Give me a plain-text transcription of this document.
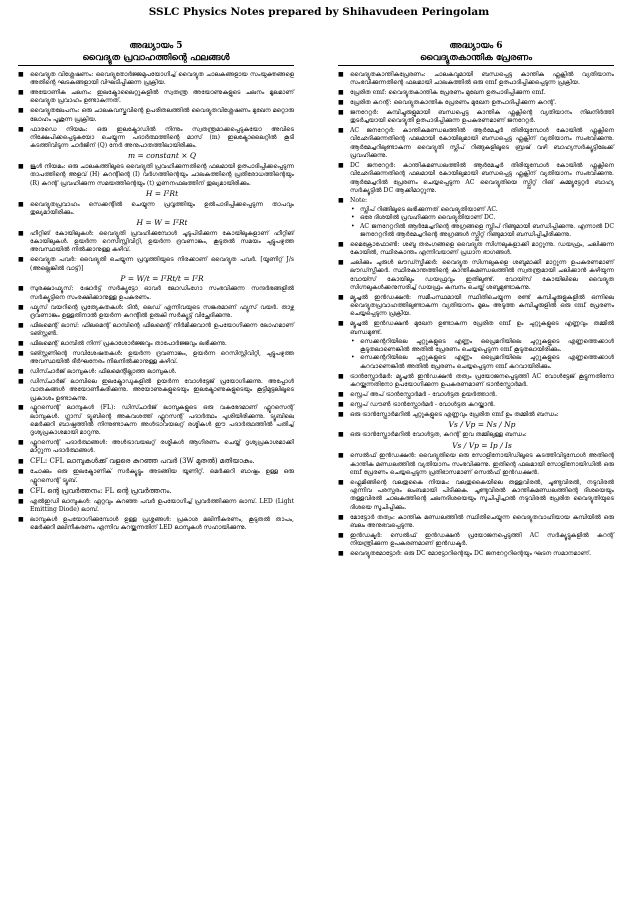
SSLC Physics Notes prepared by Shihavudeen Peringolam
അദ്ധ്യായം 5
വൈദ്യുത പ്രവാഹത്തിന്റെ ഫലങ്ങൾ
■ വൈദ്യുത വിശ്ലേഷണം: വൈദ്യുതോർജ്ജമുപയോഗിച്ച് വൈദ്യുത ചാലകങ്ങളായ സംയുക്തങ്ങളെ അതിന്റെ ഘടകങ്ങളായി വിഘടിപ്പിക്കുന്ന പ്രക്രിയ.
■ അയോണിക ചലനം: ഇലക്ട്രോലൈറ്റുകളിൽ സ്വതന്ത്ര അയോണുകളുടെ ചലനം മൂലമാണ് വൈദ്യുത പ്രവാഹം ഉണ്ടാകുന്നത്.
■ വൈദ്യുതലേപനം: ഒരു ചാലകവസ്തുവിന്റെ ഉപരിതലത്തിൽ വൈദ്യുതവിശ്ലേഷണം മുഖേന മറ്റൊരു ലോഹം പൂശുന്ന പ്രക്രിയ.
■ ഫാരഡെ നിയമം: ഒരു ഇലക്ട്രോഡിൽ നിന്നും സ്വതന്ത്രമാക്കപ്പെടുകയോ അവിടെ നിക്ഷേപിക്കപ്പെടുകയോ ചെയ്യുന്ന പദാർത്ഥത്തിന്റെ മാസ് (m) ഇലക്ട്രോലൈറ്റിൽ കൂടി കടത്തിവിടുന്ന ചാർജിന് (Q) നേർ അനുപാതത്തിലായിരിക്കും.
m = constant × Q
■ ജൂൾ നിയമം: ഒരു ചാലകത്തിലൂടെ വൈദ്യുതി പ്രവഹിക്കുന്നതിന്റെ ഫലമായി ഉത്പാദിപ്പിക്കപ്പെടുന്ന താപത്തിന്റെ അളവ് (H) കറന്റിന്റെ (I) വർഗത്തിന്റെയും ചാലകത്തിന്റെ പ്രതിരോധത്തിന്റെയും (R) കറന്റ് പ്രവഹിക്കുന്ന സമയത്തിന്റെയും (t) ഗുണനഫലത്തിന് തുല്യമായിരിക്കും.
H = I²Rt
■ വൈദ്യുതപ്രവാഹം സെക്കന്റിൽ ചെയ്യുന്ന പ്രവൃത്തിയും ഉൽപാദിപ്പിക്കപ്പെടുന്ന താപവും തുല്യമായിരിക്കും.
H = W = I²Rt
■ ഹീറ്റിങ് കോയിലുകൾ: വൈദ്യുതി പ്രവഹിക്കുമ്പോൾ ചൂടുപിടിക്കുന്ന കോയിലുകളാണ് ഹീറ്റിങ് കോയിലുകൾ. ഉയർന്ന റെസിസ്റ്റിവിറ്റി, ഉയർന്ന ദ്രവണാങ്കം, കൂടുതൽ സമയം ചുട്ടുപഴുത്ത അവസ്ഥയിൽ നിൽക്കാനുള്ള കഴിവ്.
■ വൈദ്യുത പവർ: വൈദ്യുതി ചെയ്യുന്ന പ്രവൃത്തിയുടെ നിരക്കാണ് വൈദ്യുത പവർ. [യൂണിറ്റ് J/s (അല്ലെങ്കിൽ വാട്ട്)]
P = W/t = I²Rt/t = I²R
■ സുരക്ഷാഫ്യൂസ്: ഷോർട്ട് സർക്യൂട്ടോ ഓവർ ലോഡിംഗോ സംഭവിക്കുന്ന സന്ദർഭങ്ങളിൽ സർക്യൂട്ടിനെ സംരക്ഷിക്കാനുള്ള ഉപകരണം.
■ ഫ്യൂസ് വയറിന്റെ പ്രത്യേകതകൾ: ടിൻ, ലെഡ് എന്നിവയുടെ സങ്കരമാണ് ഫ്യൂസ് വയർ. താഴ്ന്ന ദ്രവണാങ്കം ഉള്ളതിനാൽ ഉയർന്ന കറന്റിൽ ഉരുകി സർക്യൂട്ട് വിച്ഛേദിക്കുന്നു.
■ ഫിലമെന്റ് ലാമ്പ്: ഫിലമെന്റ് ലാമ്പിന്റെ ഫിലമെന്റ് നിർമിക്കുവാൻ ഉപയോഗിക്കുന്ന ലോഹമാണ് ടങ്സ്റ്റൺ.
■ ഫിലമെന്റ് ലാമ്പിൽ നിന്ന് പ്രകാശോർജ്ജവും താപോർജ്ജവും ലഭിക്കുന്നു.
■ ടങ്സ്റ്റണിന്റെ സവിശേഷതകൾ: ഉയർന്ന ദ്രവണാങ്കം, ഉയർന്ന റെസിസ്റ്റിവിറ്റി, ചുട്ടുപഴുത്ത അവസ്ഥയിൽ ദീർഘനേരം നിലനിൽക്കാനുള്ള കഴിവ്.
■ ഡിസ്ചാർജ് ലാമ്പുകൾ: ഫിലമെന്റില്ലാത്ത ലാമ്പുകൾ.
■ ഡിസ്ചാർജ് ലാമ്പിലെ ഇലക്ട്രോഡുകളിൽ ഉയർന്ന വോൾട്ടേജ് പ്രയോഗിക്കുന്നു. അപ്പോൾ വാതകങ്ങൾ അയോണീകരിക്കുന്നു. അയോണുകളുടെയും ഇലക്ട്രോണുകളുടെയും കൂട്ടിമുട്ടലിലൂടെ പ്രകാശം ഉണ്ടാകുന്നു.
■ ഫ്ലൂറസെന്റ് ലാമ്പുകൾ (FL): ഡിസ്ചാർജ് ലാമ്പുകളുടെ ഒരു വകഭേദമാണ് ഫ്ലൂറസെന്റ് ലാമ്പുകൾ. ഗ്ലാസ് ട്യൂബിന്റെ അകവശത്ത് ഫ്ലൂറസന്റ് പദാർത്ഥം പൂശിയിരിക്കുന്നു. ട്യൂബിലെ മെർക്കുറി ബാഷ്പത്തിൽ നിന്നുണ്ടാകുന്ന അൾട്രാവയലറ്റ് രശ്മികൾ ഈ പദാർത്ഥത്തിൽ പതിച്ച് ദൃശ്യപ്രകാശമായി മാറുന്നു.
■ ഫ്ലൂറസെന്റ് പദാർത്ഥങ്ങൾ: അൾട്രാവയലറ്റ് രശ്മികൾ ആഗിരണം ചെയ്ത് ദൃശ്യപ്രകാശമാക്കി മാറ്റുന്ന പദാർത്ഥങ്ങൾ.
■ CFL: CFL ലാമ്പുകൾക്ക് വളരെ കുറഞ്ഞ പവർ (3W മുതൽ) മതിയാകും.
■ ചോക്കും ഒരു ഇലക്ട്രോണിക് സർക്യൂട്ടും അടങ്ങിയ യൂണിറ്റ്. മെർക്കുറി ബാഷ്പം ഉള്ള ഒരു ഫ്ലൂറസെന്റ് ട്യൂബ്.
■ CFL ന്റെ പ്രവർത്തനം: FL ന്റെ പ്രവർത്തനം.
■ എൽഇഡി ലാമ്പുകൾ: ഏറ്റവും കുറഞ്ഞ പവർ ഉപയോഗിച്ച് പ്രവർത്തിക്കുന്ന ലാമ്പ്. LED (Light Emitting Diode) ലാമ്പ്.
■ ലാമ്പുകൾ ഉപയോഗിക്കുമ്പോൾ ഉള്ള പ്രശ്നങ്ങൾ: പ്രകാശ മലിനീകരണം, കൂടുതൽ താപം, മെർക്കുറി മലിനീകരണം എന്നിവ കുറയ്ക്കുന്നതിന് LED ലാമ്പുകൾ സഹായിക്കുന്നു.
അദ്ധ്യായം 6
വൈദ്യുതകാന്തിക പ്രേരണം
■ വൈദ്യുതകാന്തികപ്രേരണം: ചാലകവുമായി ബന്ധപ്പെട്ട കാന്തിക ഫ്ലക്സിൽ വ്യതിയാനം സംഭവിക്കുന്നതിന്റെ ഫലമായി ചാലകത്തിൽ ഒരു emf ഉത്പാദിപ്പിക്കപ്പെടുന്ന പ്രക്രിയ.
■ പ്രേരിത emf: വൈദ്യുതകാന്തിക പ്രേരണം മുഖേന ഉത്പാദിപ്പിക്കുന്ന emf.
■ പ്രേരിത കറന്റ്: വൈദ്യുതകാന്തിക പ്രേരണം മുഖേന ഉത്പാദിപ്പിക്കുന്ന കറന്റ്.
■ ജനറേറ്റർ: കമ്പിച്ചുരുളുമായി ബന്ധപ്പെട്ട കാന്തിക ഫ്ലക്സിന്റെ വ്യതിയാനം നിലനിർത്തി തുടർച്ചയായി വൈദ്യുതി ഉത്പാദിപ്പിക്കുന്ന ഉപകരണമാണ് ജനറേറ്റർ.
■ AC ജനറേറ്റർ: കാന്തികമണ്ഡലത്തിൽ ആർമേച്ചർ തിരിയുമ്പോൾ കോയിൽ ഫ്ലക്സിനെ വിഛേദിക്കുന്നതിന്റെ ഫലമായി കോയിലുമായി ബന്ധപ്പെട്ട ഫ്ലക്സിന് വ്യതിയാനം സംഭവിക്കുന്നു. ആർമേച്ചറിലുണ്ടാകുന്ന വൈദ്യുതി സ്ലിപ് റിങ്ങുകളിലൂടെ ബ്രഷ് വഴി ബാഹ്യസർക്യൂട്ടിലേക്ക് പ്രവഹിക്കുന്നു.
■ DC ജനറേറ്റർ: കാന്തികമണ്ഡലത്തിൽ ആർമേച്ചർ തിരിയുമ്പോൾ കോയിൽ ഫ്ലക്സിനെ വിഛേദിക്കുന്നതിന്റെ ഫലമായി കോയിലുമായി ബന്ധപ്പെട്ട ഫ്ലക്സിന് വ്യതിയാനം സംഭവിക്കുന്നു. ആർമേച്ചറിൽ പ്രേരണം ചെയ്യപ്പെടുന്ന AC വൈദ്യുതിയെ സ്പ്ലിറ്റ് റിങ് കമ്മ്യൂട്ടേറ്റർ ബാഹ്യ സർക്യൂട്ടിൽ DC ആക്കിമാറ്റുന്നു.
■ Note:
• സ്ലിപ് റിങ്ങിലൂടെ ലഭിക്കുന്നത് വൈദ്യുതിയാണ് AC.
• ഒരേ ദിശയിൽ പ്രവഹിക്കുന്ന വൈദ്യുതിയാണ് DC.
• AC ജനറേറ്ററിൽ ആർമേച്ചറിന്റെ അഗ്രങ്ങളെ സ്ലിപ് റിങ്ങുമായി ബന്ധിപ്പിക്കുന്നു. എന്നാൽ DC ജനറേറ്ററിൽ ആർമേച്ചറിന്റെ അഗ്രങ്ങൾ സ്പ്ലിറ്റ് റിങ്ങുമായി ബന്ധിപ്പിച്ചിരിക്കുന്നു.
■ മൈക്രോഫോൺ: ശബ്ദ തരംഗങ്ങളെ വൈദ്യുത സിഗ്നലുകളാക്കി മാറ്റുന്നു. ഡയഫ്രം, ചലിക്കുന്ന കോയിൽ, സ്ഥിരകാന്തം എന്നിവയാണ് പ്രധാന ഭാഗങ്ങൾ.
■ ചലിക്കും ചുരുൾ ലൗഡ്സ്പീക്കർ: വൈദ്യുത സിഗ്നലുകളെ ശബ്ദമാക്കി മാറ്റുന്ന ഉപകരണമാണ് ലൗഡ്സ്പീക്കർ. സ്ഥിരകാന്തത്തിന്റെ കാന്തികമണ്ഡലത്തിൽ സ്വതന്ത്രമായി ചലിക്കാൻ കഴിയുന്ന വോയ്സ് കോയിലും ഡയഫ്രവും ഇതിലുണ്ട്. വോയ്സ് കോയിലിലെ വൈദ്യുത സിഗ്നലുകൾക്കനുസരിച്ച് ഡയഫ്രം കമ്പനം ചെയ്ത് ശബ്ദമുണ്ടാകുന്നു.
■ മ്യൂച്ചൽ ഇൻഡക്ഷൻ: സമീപസ്ഥമായി സ്ഥിതിചെയ്യുന്ന രണ്ട് കമ്പിച്ചുരുളുകളിൽ ഒന്നിലെ വൈദ്യുതപ്രവാഹത്തിലുണ്ടാകുന്ന വ്യതിയാനം മൂലം അടുത്ത കമ്പിച്ചുരുളിൽ ഒരു emf പ്രേരണം ചെയ്യപ്പെടുന്ന പ്രക്രിയ.
■ മ്യൂച്ചൽ ഇൻഡക്ഷൻ മുഖേന ഉണ്ടാകുന്ന പ്രേരിത emf ഉം ചുറ്റുകളുടെ എണ്ണവും തമ്മിൽ ബന്ധമുണ്ട്.
• സെക്കന്ററിയിലെ ചുറ്റുകളുടെ എണ്ണം പ്രൈമറിയിലെ ചുറ്റുകളുടെ എണ്ണത്തെക്കാൾ കൂടുതലാണെങ്കിൽ അതിൽ പ്രേരണം ചെയ്യപ്പെടുന്ന emf കൂടുതലായിരിക്കും.
• സെക്കന്ററിയിലെ ചുറ്റുകളുടെ എണ്ണം പ്രൈമറിയിലെ ചുറ്റുകളുടെ എണ്ണത്തെക്കാൾ കുറവാണെങ്കിൽ അതിൽ പ്രേരണം ചെയ്യപ്പെടുന്ന emf കുറവായിരിക്കും.
■ ട്രാൻസ്ഫോർമർ: മ്യൂച്ചൽ ഇൻഡക്ഷൻ തത്വം പ്രയോജനപ്പെടുത്തി AC വോൾട്ടേജ് കൂട്ടുന്നതിനോ കുറയ്ക്കുന്നതിനോ ഉപയോഗിക്കുന്ന ഉപകരണമാണ് ട്രാൻസ്ഫോർമർ.
■ സ്റ്റെപ് അപ് ട്രാൻസ്ഫോർമർ - വോൾട്ടത ഉയർത്താൻ.
■ സ്റ്റെപ് ഡൗൺ ട്രാൻസ്ഫോർമർ - വോൾട്ടത കുറയ്ക്കാൻ.
■ ഒരു ട്രാൻസ്ഫോർമറിൽ ചുറ്റുകളുടെ എണ്ണവും പ്രേരിത emf ഉം തമ്മിൽ ബന്ധം:
Vs / Vp = Ns / Np
■ ഒരു ട്രാൻസ്ഫോർമറിൽ വോൾട്ടത, കറന്റ് ഇവ തമ്മിലുള്ള ബന്ധം:
Vs / Vp = Ip / Is
■ സെൽഫ് ഇൻഡക്ഷൻ: വൈദ്യുതിയെ ഒരു സോളിനോയിഡിലൂടെ കടത്തിവിടുമ്പോൾ അതിന്റെ കാന്തിക മണ്ഡലത്തിൽ വ്യതിയാനം സംഭവിക്കുന്നു. ഇതിന്റെ ഫലമായി സോളിനോയിഡിൽ ഒരു emf പ്രേരണം ചെയ്യപ്പെടുന്ന പ്രതിഭാസമാണ് സെൽഫ് ഇൻഡക്ഷൻ.
■ ഫ്ലെമിങ്ങിന്റെ വലതുകൈ നിയമം: വലതുകൈയിലെ തള്ളവിരൽ, ചൂണ്ടുവിരൽ, നടുവിരൽ എന്നിവ പരസ്പരം ലംബമായി പിടിക്കുക. ചൂണ്ടുവിരൽ കാന്തികമണ്ഡലത്തിന്റെ ദിശയെയും തള്ളവിരൽ ചാലകത്തിന്റെ ചലനദിശയെയും സൂചിപ്പിച്ചാൽ നടുവിരൽ പ്രേരിത വൈദ്യുതിയുടെ ദിശയെ സൂചിപ്പിക്കും.
■ മോട്ടോർ തത്വം: കാന്തിക മണ്ഡലത്തിൽ സ്ഥിതിചെയ്യുന്ന വൈദ്യുതവാഹിയായ കമ്പിയിൽ ഒരു ബലം അനുഭവപ്പെടുന്നു.
■ ഇൻഡക്ടർ: സെൽഫ് ഇൻഡക്ഷൻ പ്രയോജനപ്പെടുത്തി AC സർക്യൂട്ടുകളിൽ കറന്റ് നിയന്ത്രിക്കുന്ന ഉപകരണമാണ് ഇൻഡക്ടർ.
■ വൈദ്യുതമോട്ടോർ: ഒരു DC മോട്ടോറിന്റെയും DC ജനറേറ്ററിന്റെയും ഘടന സമാനമാണ്.
